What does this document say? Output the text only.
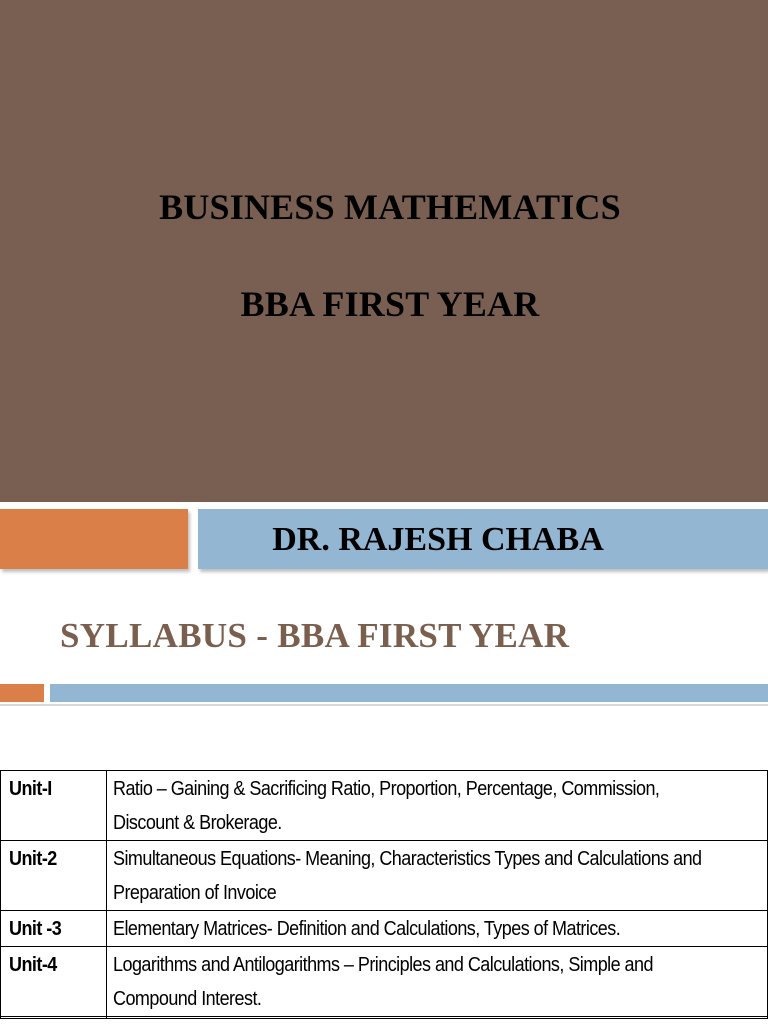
BUSINESS MATHEMATICS
BBA FIRST YEAR
DR. RAJESH CHABA
SYLLABUS - BBA FIRST YEAR
Unit-I	Ratio – Gaining & Sacrificing Ratio, Proportion, Percentage, Commission,
Discount & Brokerage.
Unit-2	Simultaneous Equations- Meaning, Characteristics Types and Calculations and
Preparation of Invoice
Unit -3	Elementary Matrices- Definition and Calculations, Types of Matrices.
Unit-4	Logarithms and Antilogarithms – Principles and Calculations, Simple and
Compound Interest.
